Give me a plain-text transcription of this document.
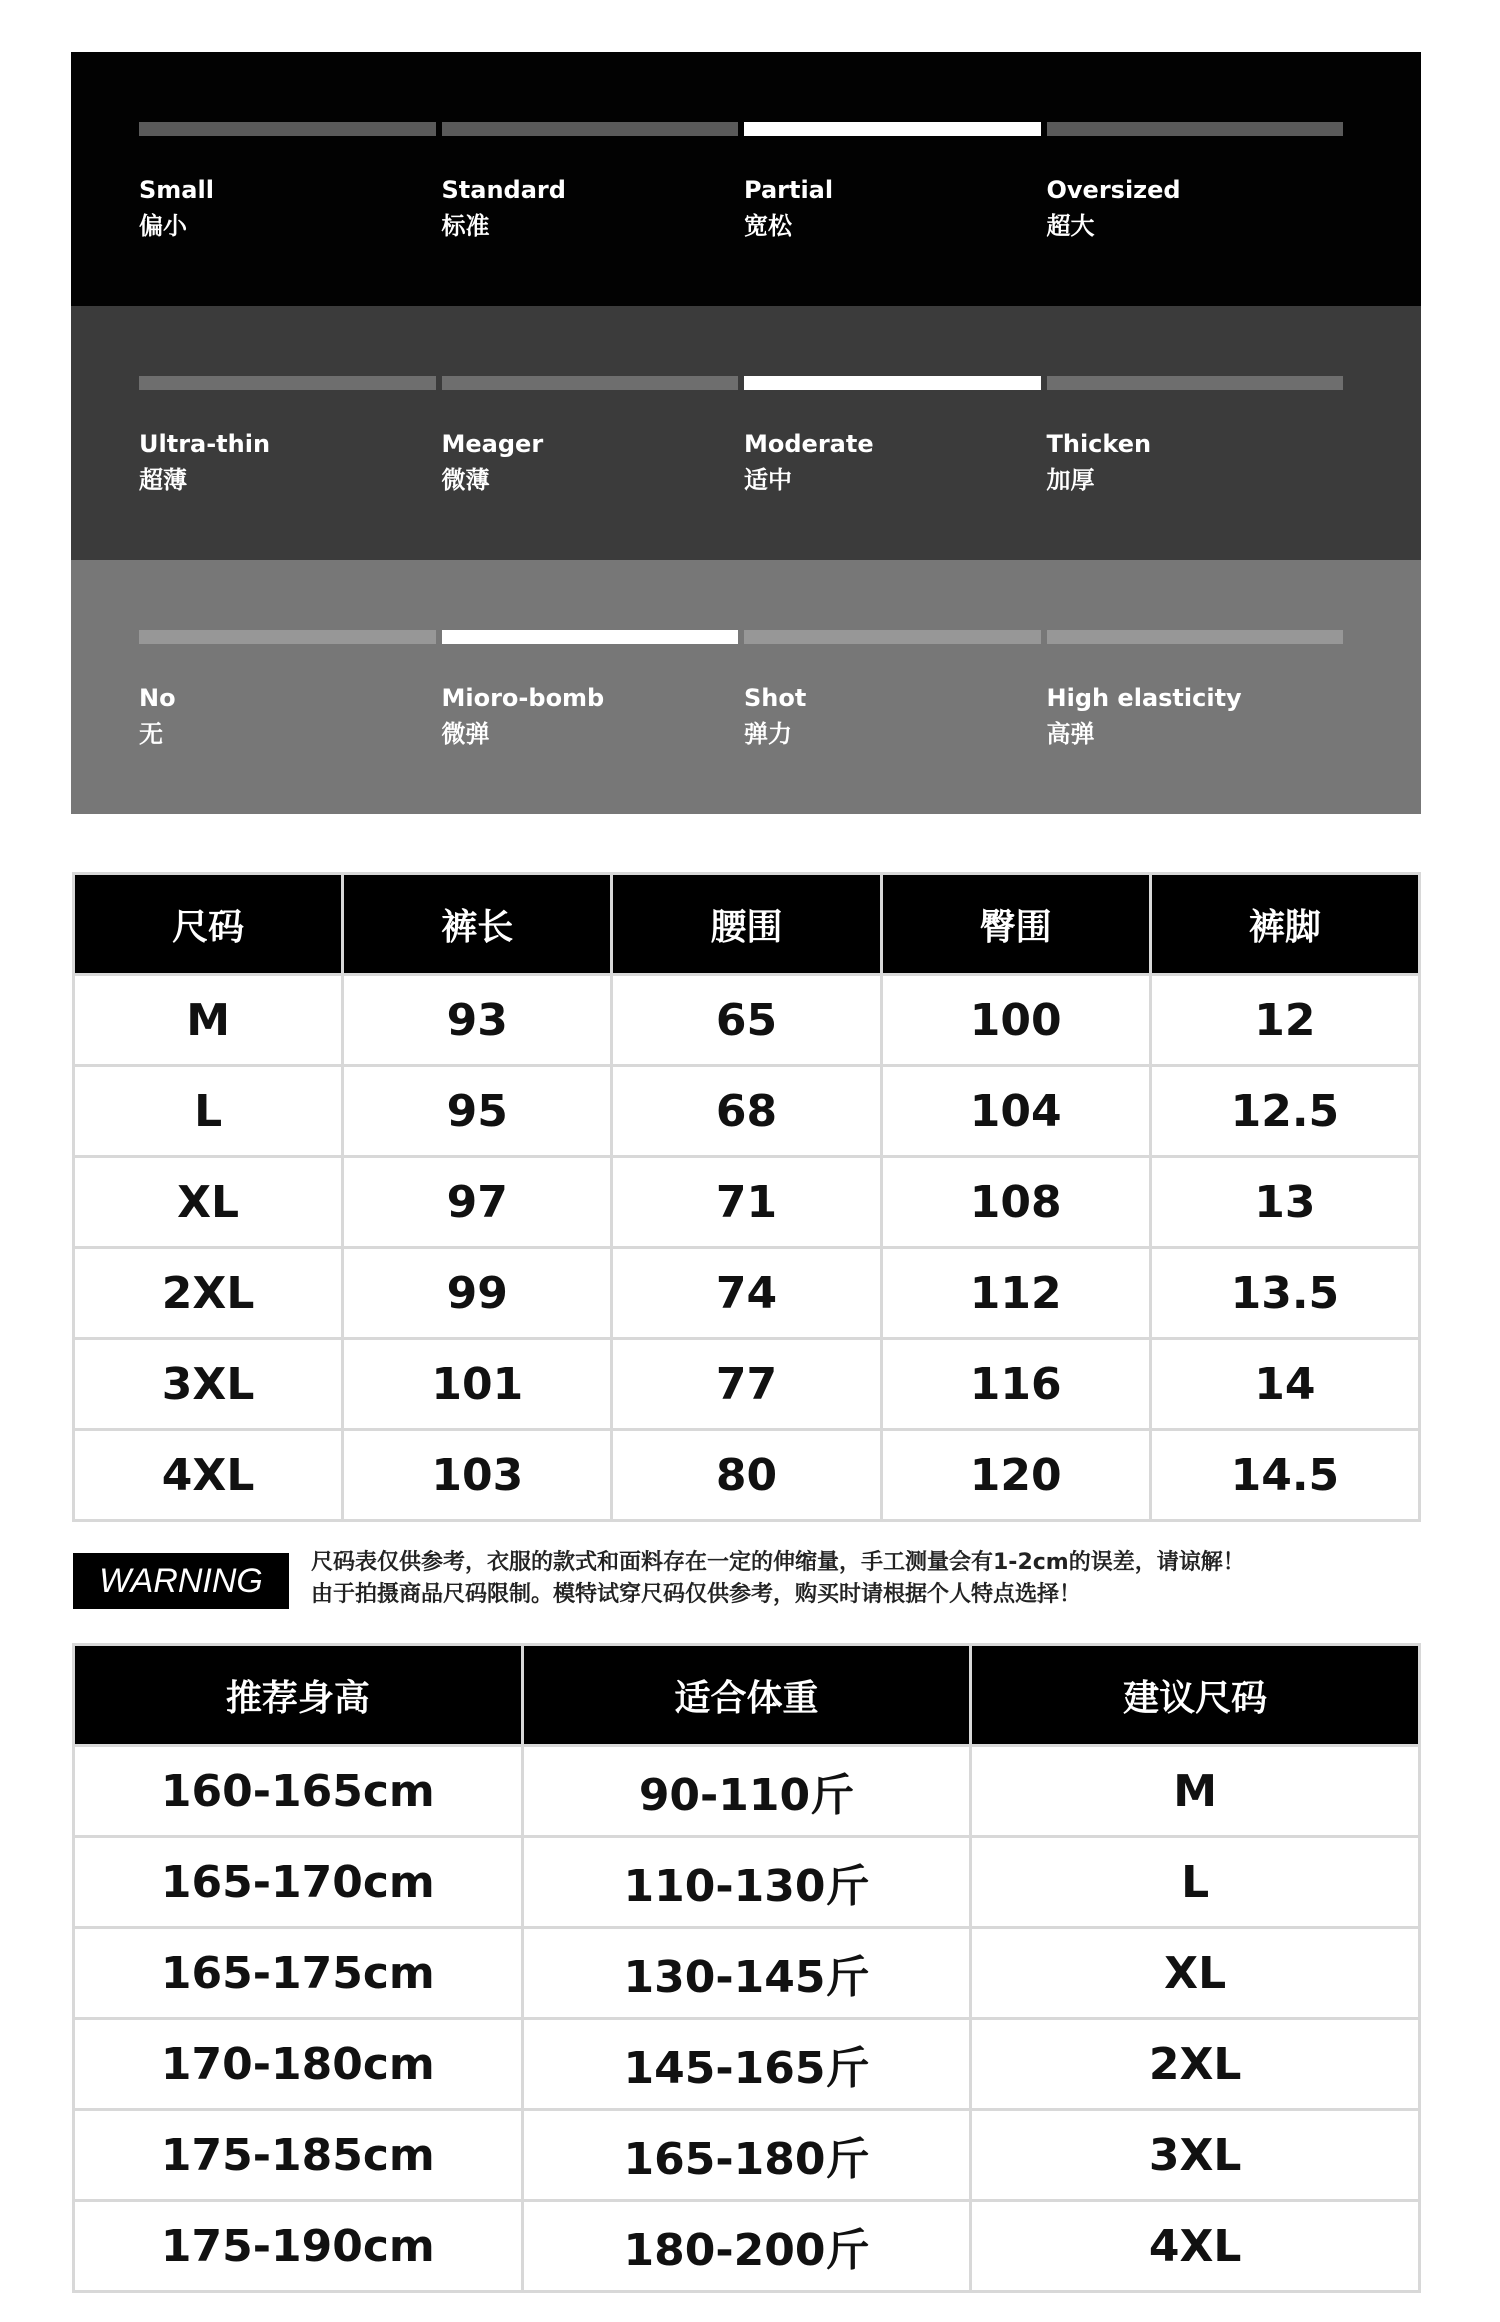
Small
偏小
Standard
标准
Partial
宽松
Oversized
超大
Ultra-thin
超薄
Meager
微薄
Moderate
适中
Thicken
加厚
No
无
Mioro-bomb
微弹
Shot
弹力
High elasticity
高弹
尺码	裤长	腰围	臀围	裤脚
M	93	65	100	12
L	95	68	104	12.5
XL	97	71	108	13
2XL	99	74	112	13.5
3XL	101	77	116	14
4XL	103	80	120	14.5
WARNING	尺码表仅供参考，衣服的款式和面料存在一定的伸缩量，手工测量会有1-2cm的误差，请谅解！
由于拍摄商品尺码限制。模特试穿尺码仅供参考，购买时请根据个人特点选择！
推荐身高	适合体重	建议尺码
160-165cm	90-110斤	M
165-170cm	110-130斤	L
165-175cm	130-145斤	XL
170-180cm	145-165斤	2XL
175-185cm	165-180斤	3XL
175-190cm	180-200斤	4XL
